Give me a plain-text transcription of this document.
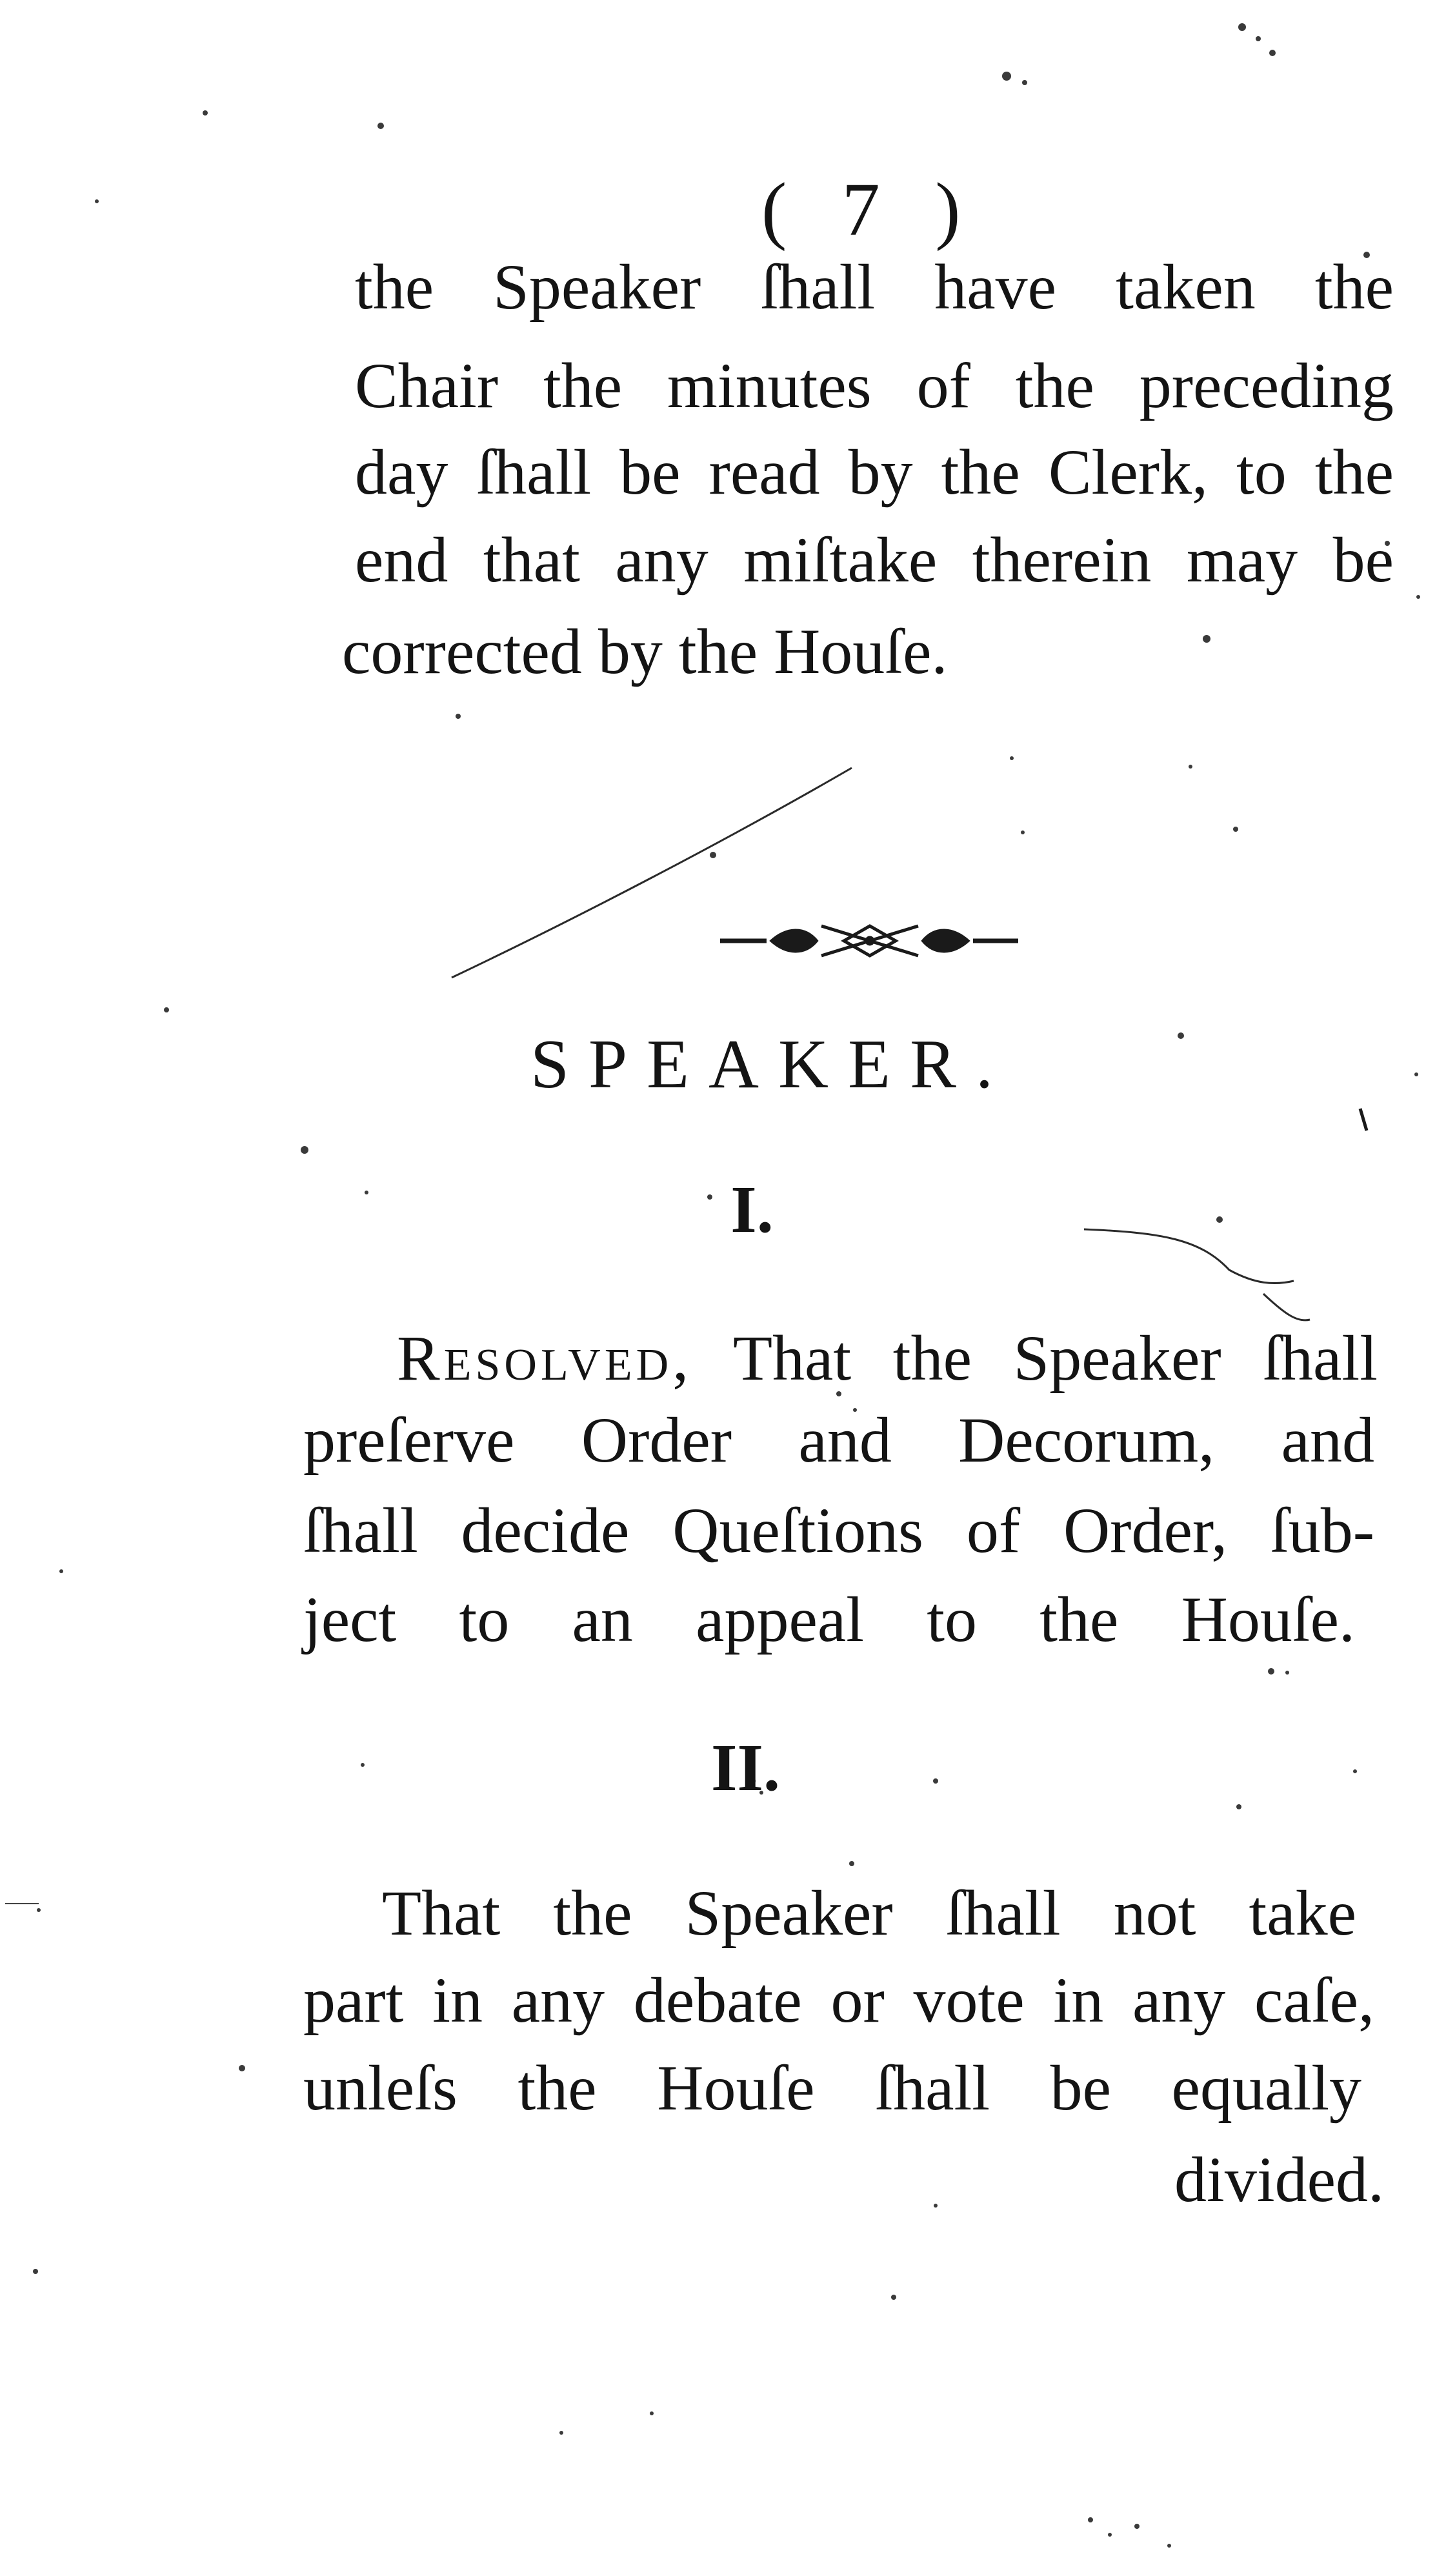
( 7 )
the Speaker ſhall have taken the
Chair the minutes of the preceding
day ſhall be read by the Clerk, to the
end that any miſtake therein may be
corrected by the Houſe.
SPEAKER.
I.
Resolved, That the Speaker ſhall
preſerve Order and Decorum, and
ſhall decide Queſtions of Order, ſub-
ject to an appeal to the Houſe.
II.
That the Speaker ſhall not take
part in any debate or vote in any caſe,
unleſs the Houſe ſhall be equally
divided.
